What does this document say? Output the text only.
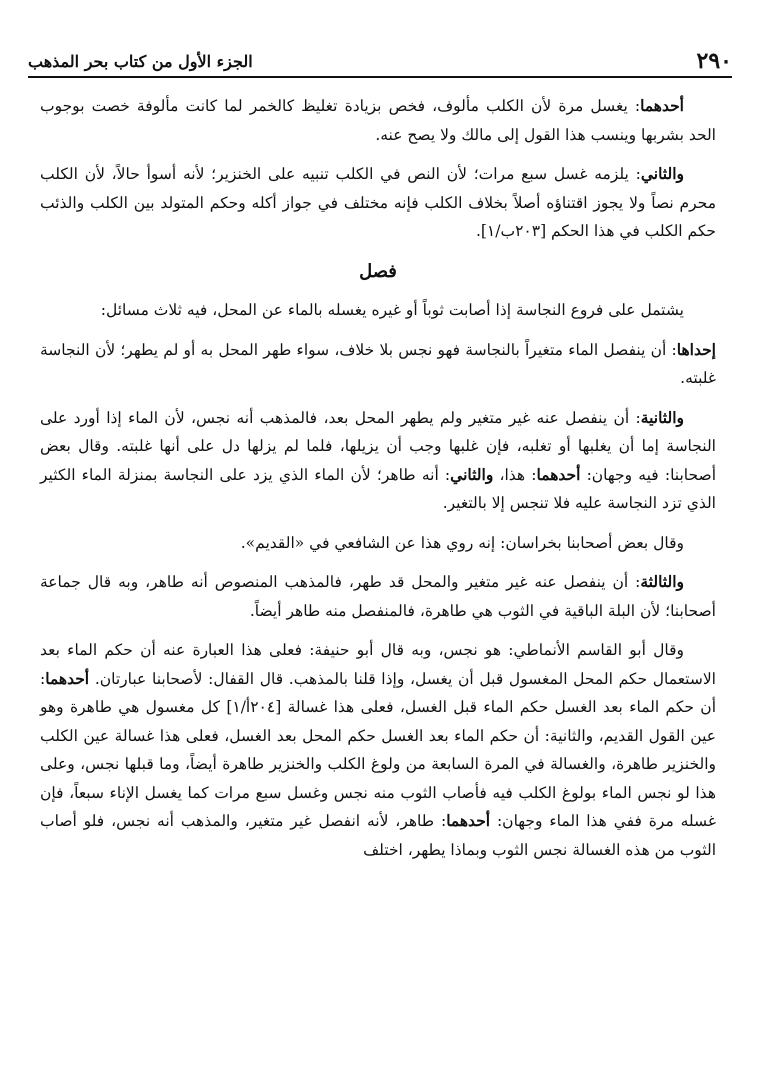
٢٩٠
الجزء الأول من كتاب بحر المذهب

أحدهما: يغسل مرة لأن الكلب مألوف، فخص بزيادة تغليظ كالخمر لما كانت مألوفة خصت بوجوب الحد بشربها وينسب هذا القول إلى مالك ولا يصح عنه.

والثاني: يلزمه غسل سبع مرات؛ لأن النص في الكلب تنبيه على الخنزير؛ لأنه أسوأ حالاً، لأن الكلب محرم نصاً ولا يجوز اقتناؤه أصلاً بخلاف الكلب فإنه مختلف في جواز أكله وحكم المتولد بين الكلب والذئب حكم الكلب في هذا الحكم [٢٠٣ب/١].

فصل

يشتمل على فروع النجاسة إذا أصابت ثوباً أو غيره يغسله بالماء عن المحل، فيه ثلاث مسائل:

إحداها: أن ينفصل الماء متغيراً بالنجاسة فهو نجس بلا خلاف، سواء طهر المحل به أو لم يطهر؛ لأن النجاسة غلبته.

والثانية: أن ينفصل عنه غير متغير ولم يطهر المحل بعد، فالمذهب أنه نجس، لأن الماء إذا أورد على النجاسة إما أن يغلبها أو تغلبه، فإن غلبها وجب أن يزيلها، فلما لم يزلها دل على أنها غلبته. وقال بعض أصحابنا: فيه وجهان: أحدهما: هذا، والثاني: أنه طاهر؛ لأن الماء الذي يزد على النجاسة بمنزلة الماء الكثير الذي تزد النجاسة عليه فلا تنجس إلا بالتغير.

وقال بعض أصحابنا بخراسان: إنه روي هذا عن الشافعي في «القديم».

والثالثة: أن ينفصل عنه غير متغير والمحل قد طهر، فالمذهب المنصوص أنه طاهر، وبه قال جماعة أصحابنا؛ لأن البلة الباقية في الثوب هي طاهرة، فالمنفصل منه طاهر أيضاً.

وقال أبو القاسم الأنماطي: هو نجس، وبه قال أبو حنيفة: فعلى هذا العبارة عنه أن حكم الماء بعد الاستعمال حكم المحل المغسول قبل أن يغسل، وإذا قلنا بالمذهب. قال القفال: لأصحابنا عبارتان. أحدهما: أن حكم الماء بعد الغسل حكم الماء قبل الغسل، فعلى هذا غسالة [٢٠٤أ/١] كل مغسول هي طاهرة وهو عين القول القديم، والثانية: أن حكم الماء بعد الغسل حكم المحل بعد الغسل، فعلى هذا غسالة عين الكلب والخنزير طاهرة، والغسالة في المرة السابعة من ولوغ الكلب والخنزير طاهرة أيضاً، وما قبلها نجس، وعلى هذا لو نجس الماء بولوغ الكلب فيه فأصاب الثوب منه نجس وغسل سبع مرات كما يغسل الإناء سبعاً، فإن غسله مرة ففي هذا الماء وجهان: أحدهما: طاهر، لأنه انفصل غير متغير، والمذهب أنه نجس، فلو أصاب الثوب من هذه الغسالة نجس الثوب وبماذا يطهر، اختلف
